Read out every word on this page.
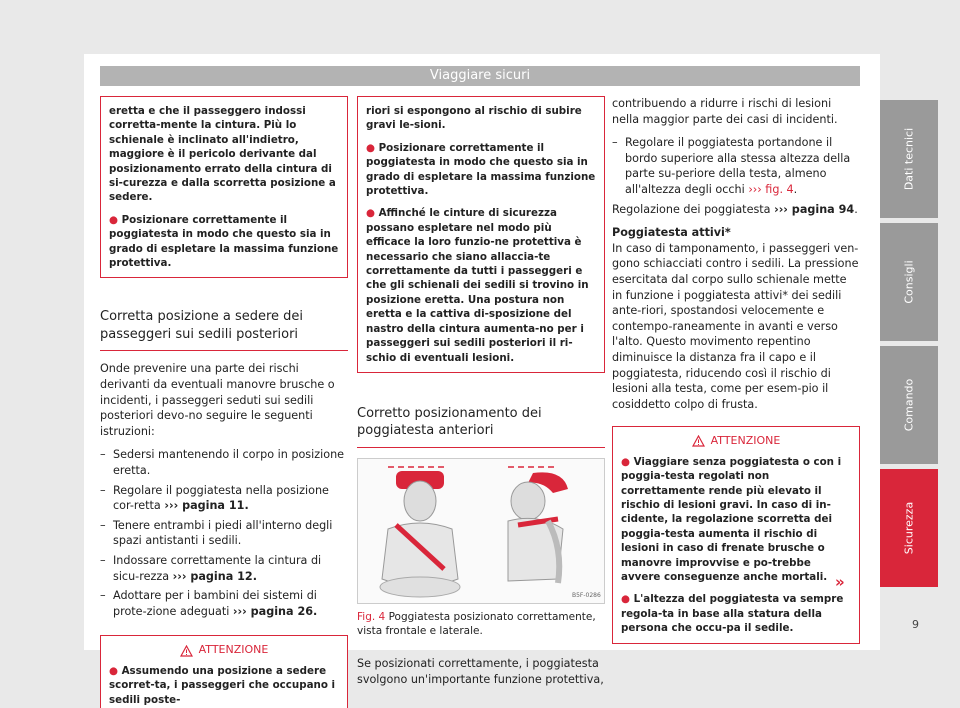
Viaggiare sicuri
eretta e che il passeggero indossi corretta-mente la cintura. Più lo schienale è inclinato all'indietro, maggiore è il pericolo derivante dal posizionamento errato della cintura di si-curezza e dalla scorretta posizione a sedere.
● Posizionare correttamente il poggiatesta in modo che questo sia in grado di espletare la massima funzione protettiva.
Corretta posizione a sedere dei passeggeri sui sedili posteriori
Onde prevenire una parte dei rischi derivanti da eventuali manovre brusche o incidenti, i passeggeri seduti sui sedili posteriori devo-no seguire le seguenti istruzioni:
– Sedersi mantenendo il corpo in posizione eretta.
– Regolare il poggiatesta nella posizione cor-retta ››› pagina 11.
– Tenere entrambi i piedi all'interno degli spazi antistanti i sedili.
– Indossare correttamente la cintura di sicu-rezza ››› pagina 12.
– Adottare per i bambini dei sistemi di prote-zione adeguati ››› pagina 26.
ATTENZIONE
● Assumendo una posizione a sedere scorret-ta, i passeggeri che occupano i sedili poste-
riori si espongono al rischio di subire gravi le-sioni.
● Posizionare correttamente il poggiatesta in modo che questo sia in grado di espletare la massima funzione protettiva.
● Affinché le cinture di sicurezza possano espletare nel modo più efficace la loro funzio-ne protettiva è necessario che siano allaccia-te correttamente da tutti i passeggeri e che gli schienali dei sedili si trovino in posizione eretta. Una postura non eretta e la cattiva di-sposizione del nastro della cintura aumenta-no per i passeggeri sui sedili posteriori il ri-schio di eventuali lesioni.
Corretto posizionamento dei poggiatesta anteriori
B5F-0286
Fig. 4 Poggiatesta posizionato correttamente, vista frontale e laterale.
Se posizionati correttamente, i poggiatesta svolgono un'importante funzione protettiva,
contribuendo a ridurre i rischi di lesioni nella maggior parte dei casi di incidenti.
– Regolare il poggiatesta portandone il bordo superiore alla stessa altezza della parte su-periore della testa, almeno all'altezza degli occhi ››› fig. 4.
Regolazione dei poggiatesta ››› pagina 94.
Poggiatesta attivi*
In caso di tamponamento, i passeggeri ven-gono schiacciati contro i sedili. La pressione esercitata dal corpo sullo schienale mette in funzione i poggiatesta attivi* dei sedili ante-riori, spostandosi velocemente e contempo-raneamente in avanti e verso l'alto. Questo movimento repentino diminuisce la distanza fra il capo e il poggiatesta, riducendo così il rischio di lesioni alla testa, come per esem-pio il cosiddetto colpo di frusta.
ATTENZIONE
● Viaggiare senza poggiatesta o con i poggia-testa regolati non correttamente rende più elevato il rischio di lesioni gravi. In caso di in-cidente, la regolazione scorretta dei poggia-testa aumenta il rischio di lesioni in caso di frenate brusche o manovre improvvise e po-trebbe avvere conseguenze anche mortali.
● L'altezza del poggiatesta va sempre regola-ta in base alla statura della persona che occu-pa il sedile.
»
Dati tecnici
Consigli
Comando
Sicurezza
9
